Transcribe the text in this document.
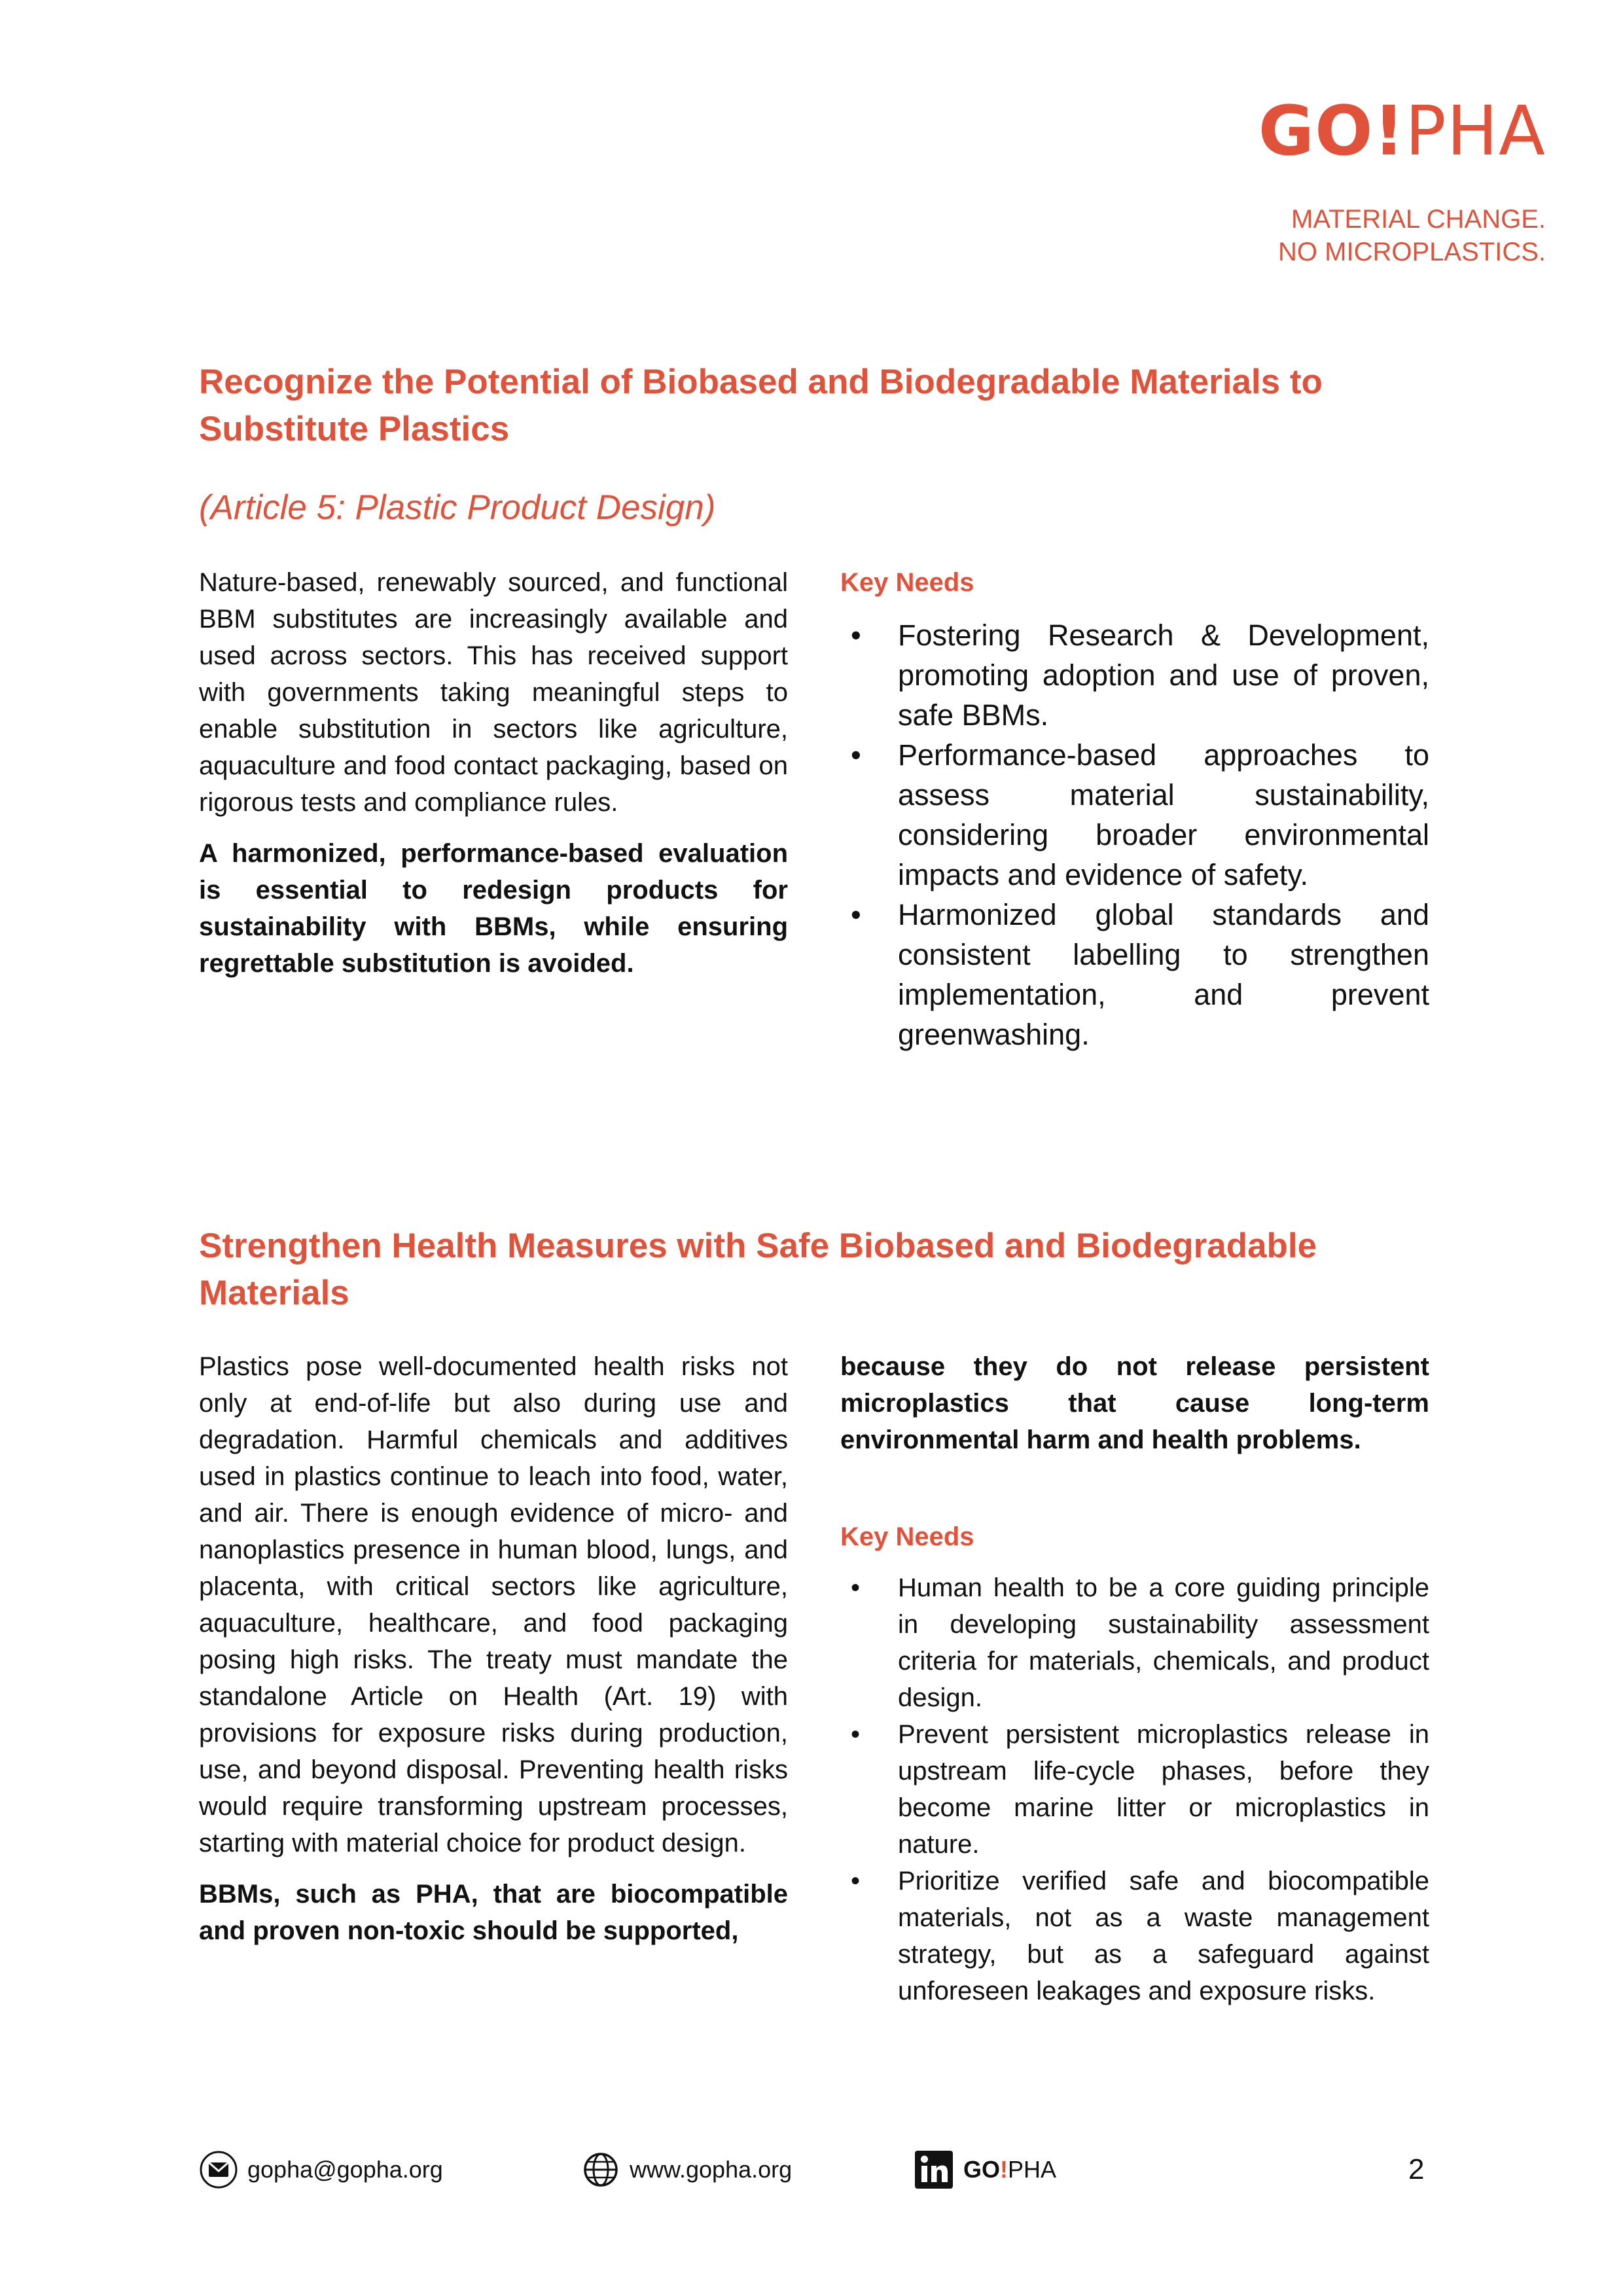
GO!PHA
MATERIAL CHANGE.
NO MICROPLASTICS.
Recognize the Potential of Biobased and Biodegradable Materials to Substitute Plastics
(Article 5: Plastic Product Design)

Nature-based, renewably sourced, and functional BBM substitutes are increasingly available and used across sectors. This has received support with governments taking meaningful steps to enable substitution in sectors like agriculture, aquaculture and food contact packaging, based on rigorous tests and compliance rules.

A harmonized, performance-based evaluation is essential to redesign products for sustainability with BBMs, while ensuring regrettable substitution is avoided.

Key Needs

• Fostering Research & Development, promoting adoption and use of proven, safe BBMs.
• Performance-based approaches to assess material sustainability, considering broader environmental impacts and evidence of safety.
• Harmonized global standards and consistent labelling to strengthen implementation, and prevent greenwashing.
Strengthen Health Measures with Safe Biobased and Biodegradable Materials

Plastics pose well-documented health risks not only at end-of-life but also during use and degradation. Harmful chemicals and additives used in plastics continue to leach into food, water, and air. There is enough evidence of micro- and nanoplastics presence in human blood, lungs, and placenta, with critical sectors like agriculture, aquaculture, healthcare, and food packaging posing high risks. The treaty must mandate the standalone Article on Health (Art. 19) with provisions for exposure risks during production, use, and beyond disposal. Preventing health risks would require transforming upstream processes, starting with material choice for product design.

BBMs, such as PHA, that are biocompatible and proven non-toxic should be supported,

because they do not release persistent microplastics that cause long-term environmental harm and health problems.

Key Needs

• Human health to be a core guiding principle in developing sustainability assessment criteria for materials, chemicals, and product design.
• Prevent persistent microplastics release in upstream life-cycle phases, before they become marine litter or microplastics in nature.
• Prioritize verified safe and biocompatible materials, not as a waste management strategy, but as a safeguard against unforeseen leakages and exposure risks.
gopha@gopha.org	www.gopha.org	GO! PHA	2
